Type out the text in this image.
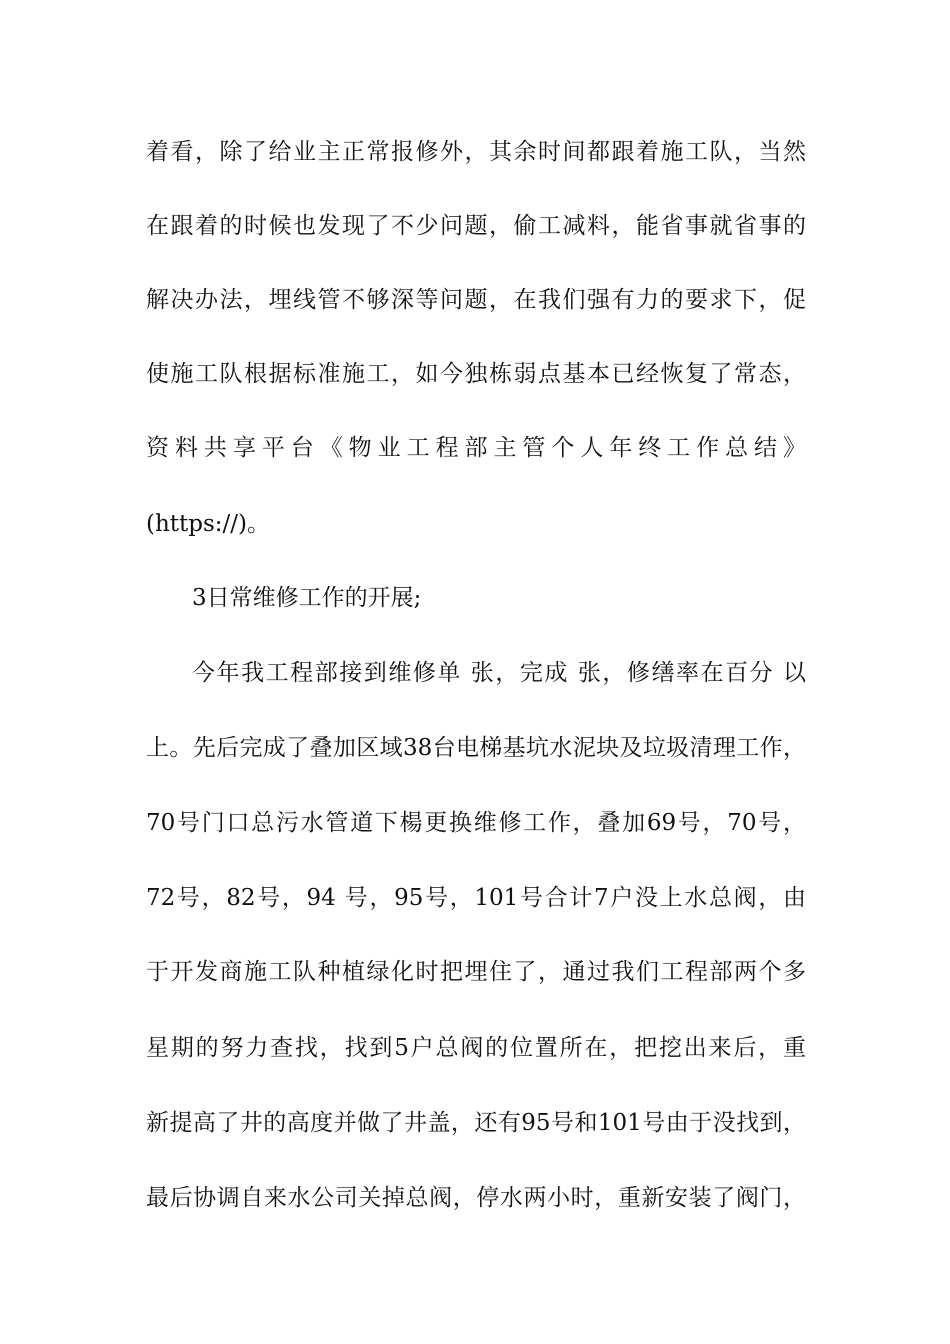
着看，除了给业主正常报修外，其余时间都跟着施工队，当然
在跟着的时候也发现了不少问题，偷工减料，能省事就省事的
解决办法，埋线管不够深等问题，在我们强有力的要求下，促
使施工队根据标准施工，如今独栋弱点基本已经恢复了常态，
资料共享平台《物业工程部主管个人年终工作总结》
(https://)。
3日常维修工作的开展;
今年我工程部接到维修单 张，完成 张，修缮率在百分 以
上。先后完成了叠加区域38台电梯基坑水泥块及垃圾清理工作，
70号门口总污水管道下楊更换维修工作，叠加69号，70号，
72号，82号，94 号，95号，101号合计7户没上水总阀，由
于开发商施工队种植绿化时把埋住了，通过我们工程部两个多
星期的努力查找，找到5户总阀的位置所在，把挖出来后，重
新提高了井的高度并做了井盖，还有95号和101号由于没找到，
最后协调自来水公司关掉总阀，停水两小时，重新安装了阀门，
